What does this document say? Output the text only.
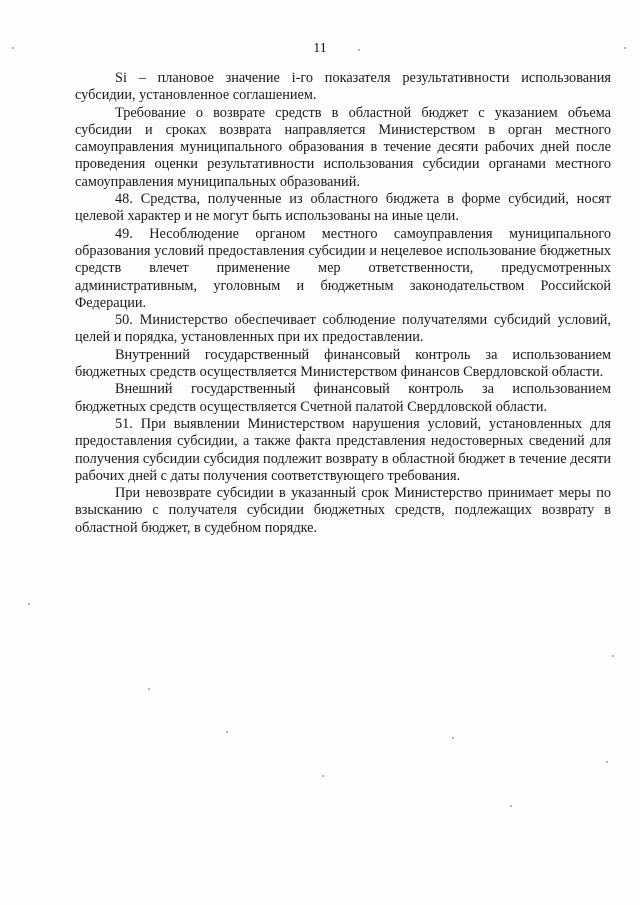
11

Si – плановое значение i-го показателя результативности использования субсидии, установленное соглашением.

Требование о возврате средств в областной бюджет с указанием объема субсидии и сроках возврата направляется Министерством в орган местного самоуправления муниципального образования в течение десяти рабочих дней после проведения оценки результативности использования субсидии органами местного самоуправления муниципальных образований.

48. Средства, полученные из областного бюджета в форме субсидий, носят целевой характер и не могут быть использованы на иные цели.

49. Несоблюдение органом местного самоуправления муниципального образования условий предоставления субсидии и нецелевое использование бюджетных средств влечет применение мер ответственности, предусмотренных административным, уголовным и бюджетным законодательством Российской Федерации.

50. Министерство обеспечивает соблюдение получателями субсидий условий, целей и порядка, установленных при их предоставлении.

Внутренний государственный финансовый контроль за использованием бюджетных средств осуществляется Министерством финансов Свердловской области.

Внешний государственный финансовый контроль за использованием бюджетных средств осуществляется Счетной палатой Свердловской области.

51. При выявлении Министерством нарушения условий, установленных для предоставления субсидии, а также факта представления недостоверных сведений для получения субсидии субсидия подлежит возврату в областной бюджет в течение десяти рабочих дней с даты получения соответствующего требования.

При невозврате субсидии в указанный срок Министерство принимает меры по взысканию с получателя субсидии бюджетных средств, подлежащих возврату в областной бюджет, в судебном порядке.
